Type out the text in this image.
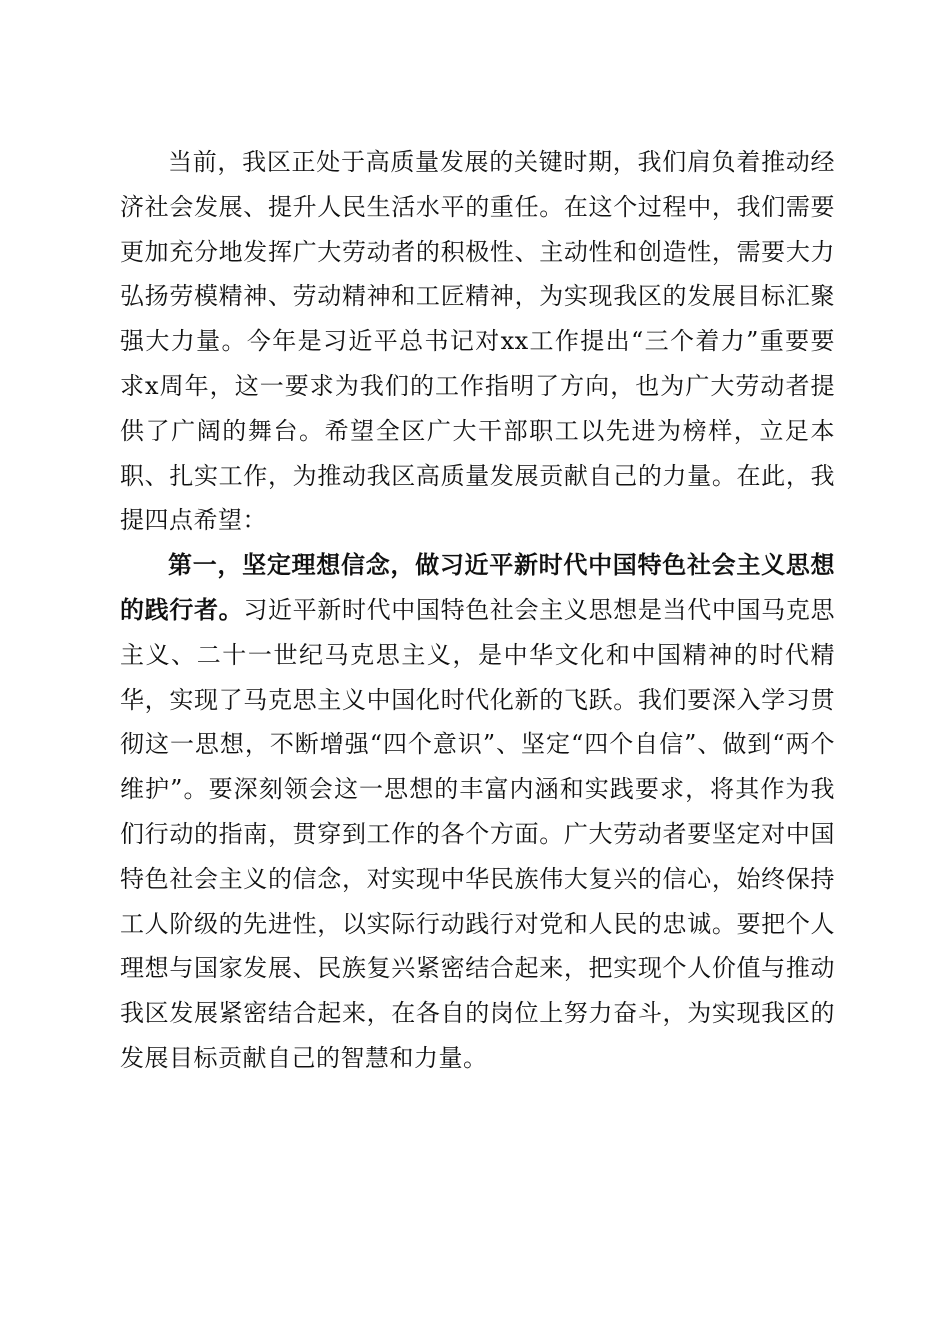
当前，我区正处于高质量发展的关键时期，我们肩负着推动经济社会发展、提升人民生活水平的重任。在这个过程中，我们需要更加充分地发挥广大劳动者的积极性、主动性和创造性，需要大力弘扬劳模精神、劳动精神和工匠精神，为实现我区的发展目标汇聚强大力量。今年是习近平总书记对xx工作提出“三个着力”重要要求x周年，这一要求为我们的工作指明了方向，也为广大劳动者提供了广阔的舞台。希望全区广大干部职工以先进为榜样，立足本职、扎实工作，为推动我区高质量发展贡献自己的力量。在此，我提四点希望：

第一，坚定理想信念，做习近平新时代中国特色社会主义思想的践行者。习近平新时代中国特色社会主义思想是当代中国马克思主义、二十一世纪马克思主义，是中华文化和中国精神的时代精华，实现了马克思主义中国化时代化新的飞跃。我们要深入学习贯彻这一思想，不断增强“四个意识”、坚定“四个自信”、做到“两个维护”。要深刻领会这一思想的丰富内涵和实践要求，将其作为我们行动的指南，贯穿到工作的各个方面。广大劳动者要坚定对中国特色社会主义的信念，对实现中华民族伟大复兴的信心，始终保持工人阶级的先进性，以实际行动践行对党和人民的忠诚。要把个人理想与国家发展、民族复兴紧密结合起来，把实现个人价值与推动我区发展紧密结合起来，在各自的岗位上努力奋斗，为实现我区的发展目标贡献自己的智慧和力量。
